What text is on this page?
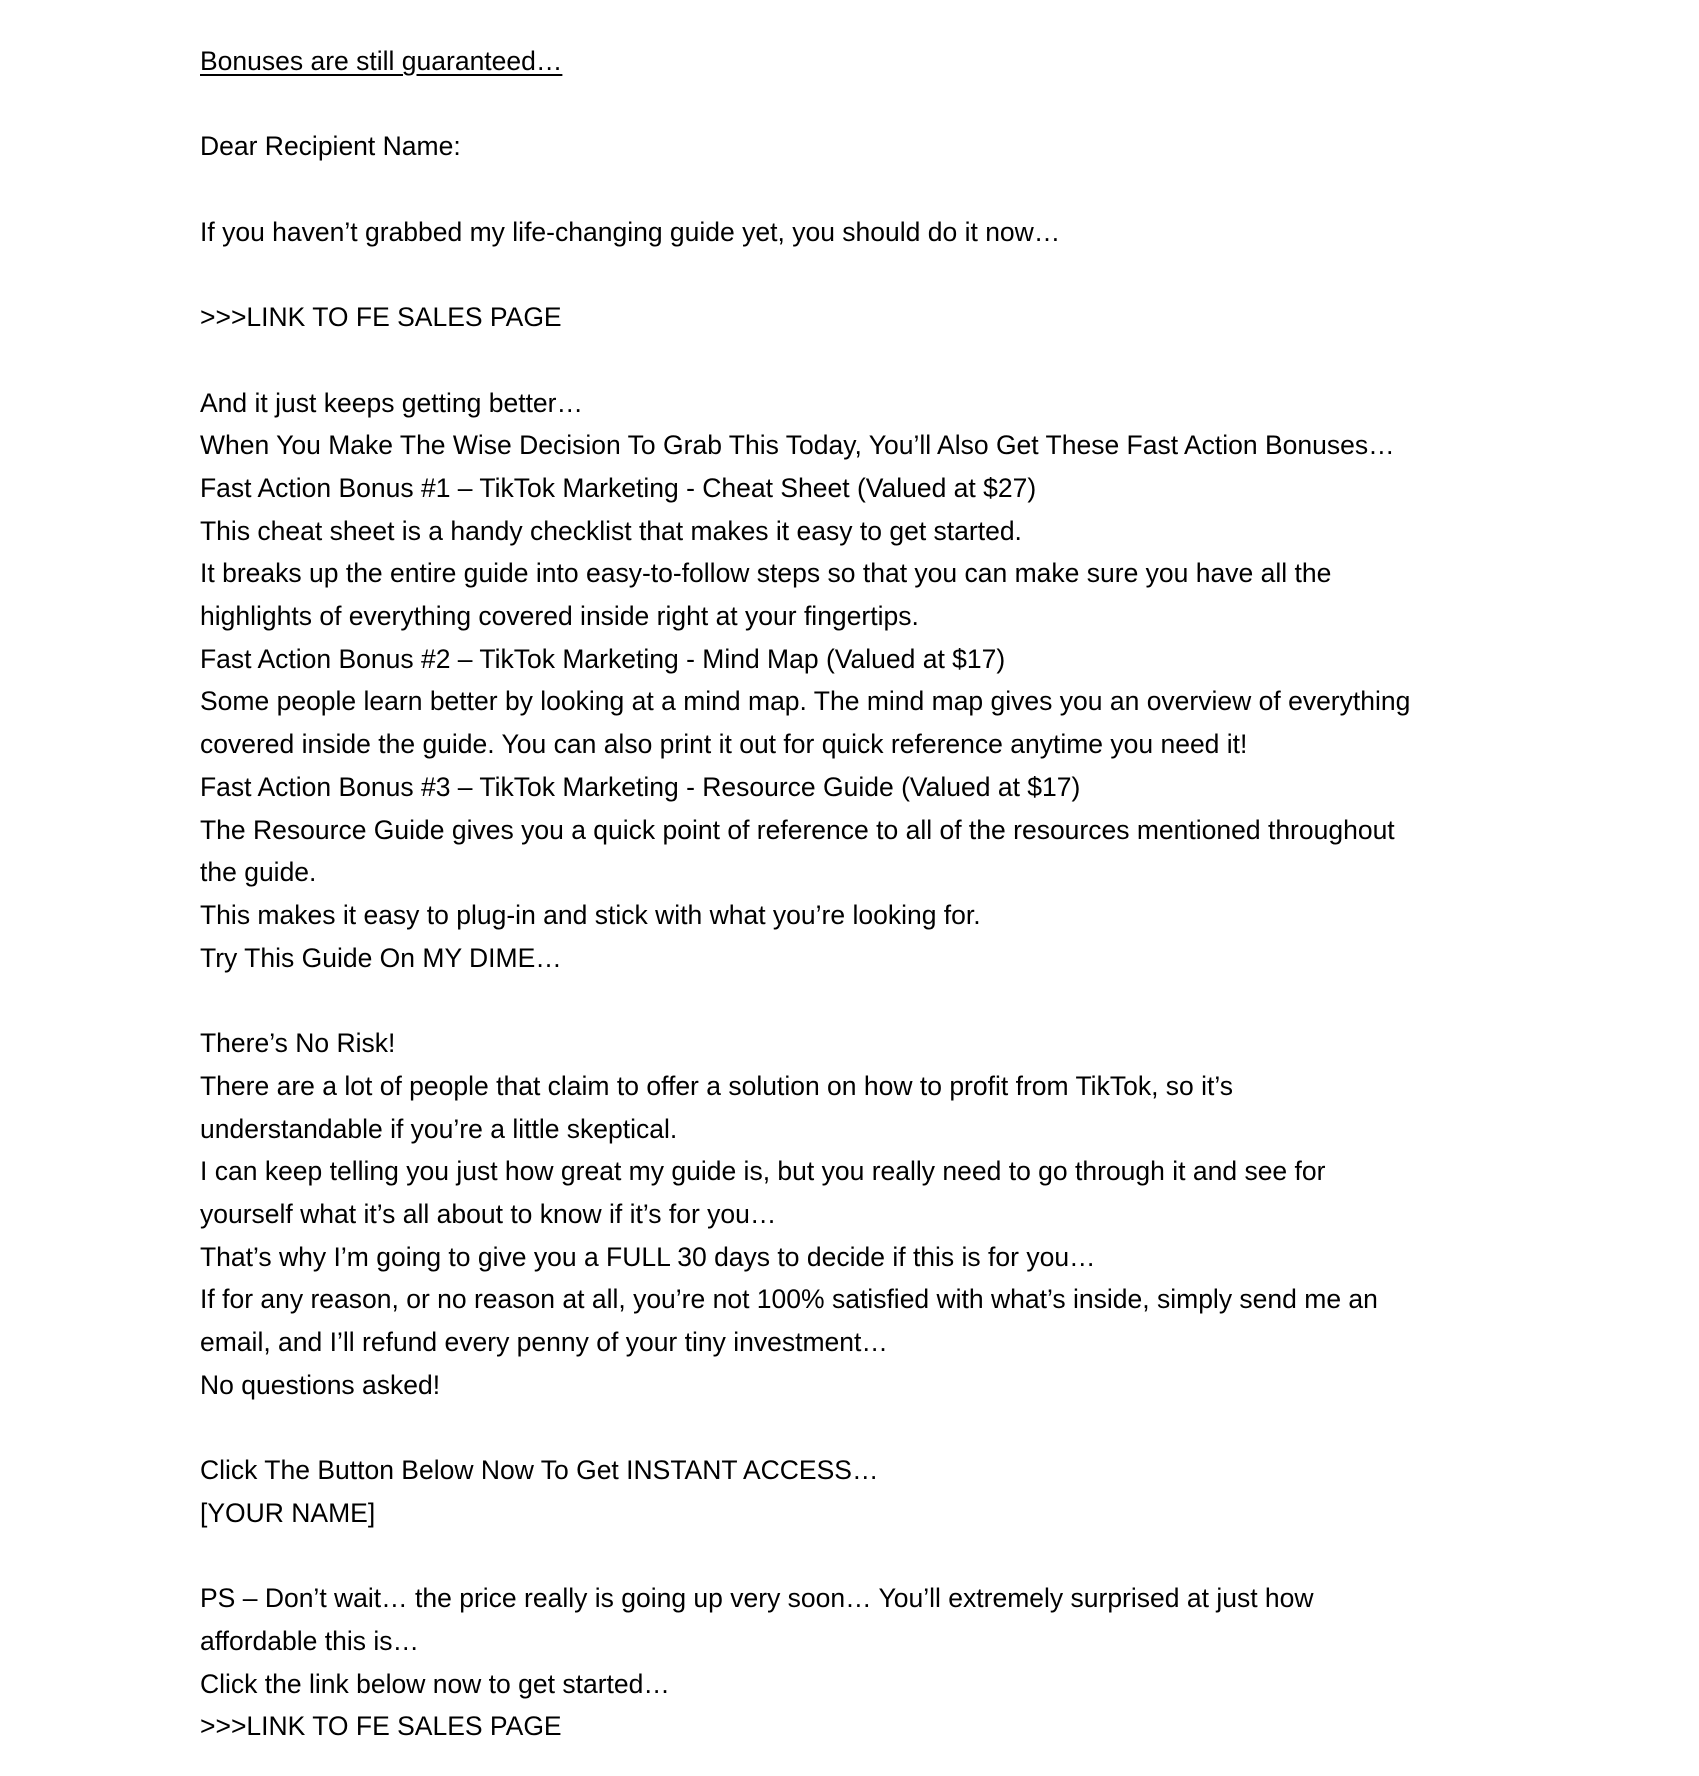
Bonuses are still guaranteed…
Dear Recipient Name:
If you haven’t grabbed my life-changing guide yet, you should do it now…
>>>LINK TO FE SALES PAGE
And it just keeps getting better…
When You Make The Wise Decision To Grab This Today, You’ll Also Get These Fast Action Bonuses…
Fast Action Bonus #1 – TikTok Marketing - Cheat Sheet (Valued at $27)
This cheat sheet is a handy checklist that makes it easy to get started.
It breaks up the entire guide into easy-to-follow steps so that you can make sure you have all the
highlights of everything covered inside right at your fingertips.
Fast Action Bonus #2 – TikTok Marketing - Mind Map (Valued at $17)
Some people learn better by looking at a mind map. The mind map gives you an overview of everything
covered inside the guide. You can also print it out for quick reference anytime you need it!
Fast Action Bonus #3 – TikTok Marketing - Resource Guide (Valued at $17)
The Resource Guide gives you a quick point of reference to all of the resources mentioned throughout
the guide.
This makes it easy to plug-in and stick with what you’re looking for.
Try This Guide On MY DIME…
There’s No Risk!
There are a lot of people that claim to offer a solution on how to profit from TikTok, so it’s
understandable if you’re a little skeptical.
I can keep telling you just how great my guide is, but you really need to go through it and see for
yourself what it’s all about to know if it’s for you…
That’s why I’m going to give you a FULL 30 days to decide if this is for you…
If for any reason, or no reason at all, you’re not 100% satisfied with what’s inside, simply send me an
email, and I’ll refund every penny of your tiny investment…
No questions asked!
Click The Button Below Now To Get INSTANT ACCESS…
[YOUR NAME]
PS – Don’t wait… the price really is going up very soon… You’ll extremely surprised at just how
affordable this is…
Click the link below now to get started…
>>>LINK TO FE SALES PAGE
